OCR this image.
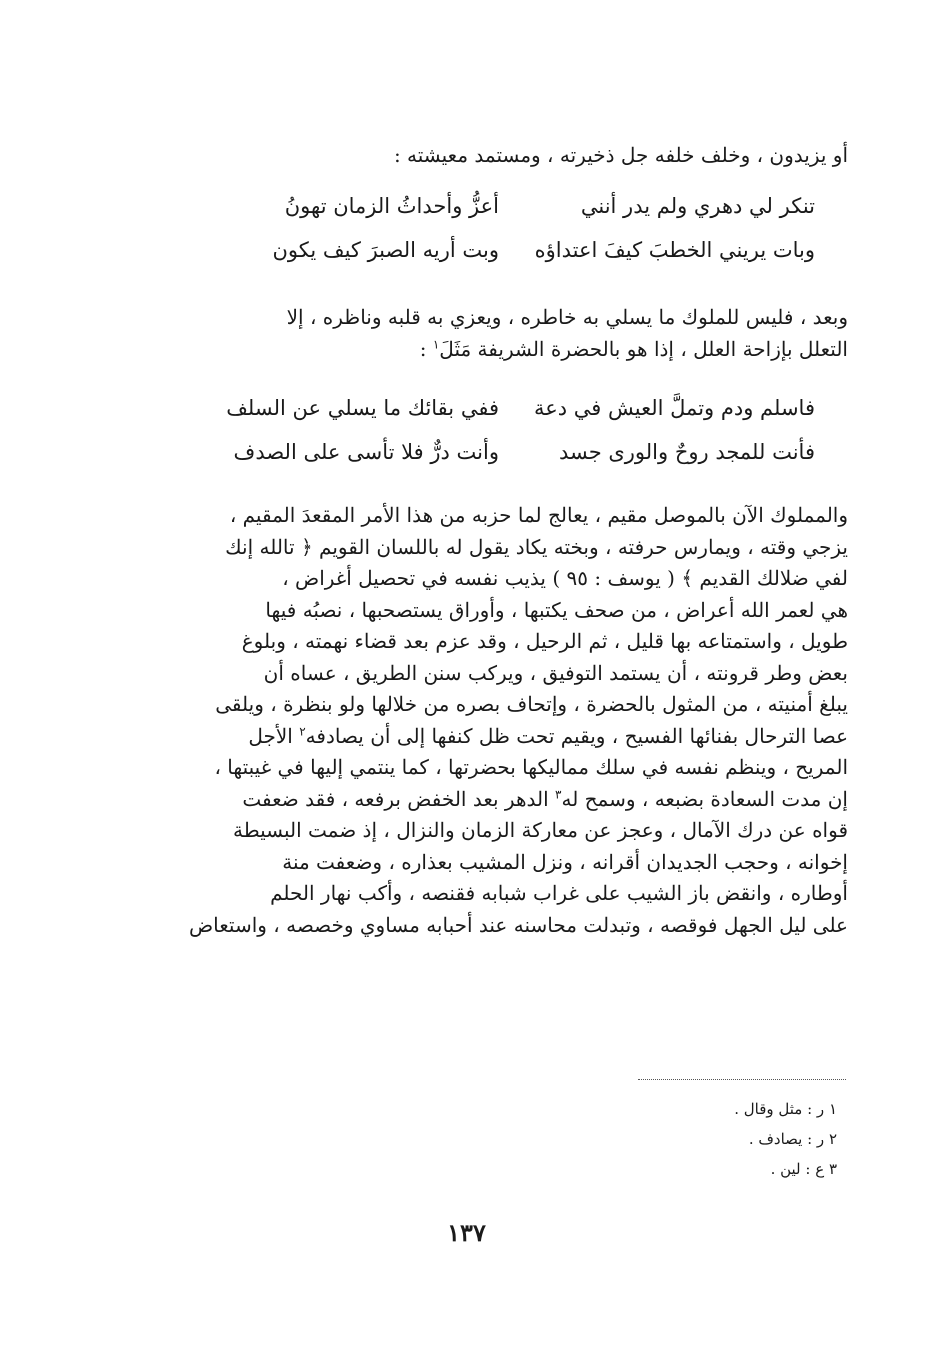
أو يزيدون ، وخلف خلفه جل ذخيرته ، ومستمد معيشته :
تنكر لي دهري ولم يدر أنني
أعزُّ وأحداثُ الزمان تهونُ
وبات يريني الخطبَ كيفَ اعتداؤه
وبت أريه الصبرَ كيف يكون
وبعد ، فليس للملوك ما يسلي به خاطره ، ويعزي به قلبه وناظره ، إلا
التعلل بإزاحة العلل ، إذا هو بالحضرة الشريفة مَثَلَ$^١$ :
فاسلم ودم وتملَّ العيش في دعة
ففي بقائك ما يسلي عن السلف
فأنت للمجد روحٌ والورى جسد
وأنت درٌّ فلا تأسى على الصدف
والمملوك الآن بالموصل مقيم ، يعالج لما حزبه من هذا الأمر المقعدَ المقيم ،
يزجي وقته ، ويمارس حرفته ، وبخته يكاد يقول له باللسان القويم ﴿ تالله إنك
لفي ضلالك القديم ﴾ ( يوسف : ٩٥ ) يذيب نفسه في تحصيل أغراض ،
هي لعمر الله أعراض ، من صحف يكتبها ، وأوراق يستصحبها ، نصبُه فيها
طويل ، واستمتاعه بها قليل ، ثم الرحيل ، وقد عزم بعد قضاء نهمته ، وبلوغ
بعض وطر قرونته ، أن يستمد التوفيق ، ويركب سنن الطريق ، عساه أن
يبلغ أمنيته ، من المثول بالحضرة ، وإتحاف بصره من خلالها ولو بنظرة ، ويلقى
عصا الترحال بفنائها الفسيح ، ويقيم تحت ظل كنفها إلى أن يصادفه$^٢$ الأجل
المريح ، وينظم نفسه في سلك مماليكها بحضرتها ، كما ينتمي إليها في غيبتها ،
إن مدت السعادة بضبعه ، وسمح له$^٣$ الدهر بعد الخفض برفعه ، فقد ضعفت
قواه عن درك الآمال ، وعجز عن معاركة الزمان والنزال ، إذ ضمت البسيطة
إخوانه ، وحجب الجديدان أقرانه ، ونزل المشيب بعذاره ، وضعفت منة
أوطاره ، وانقض باز الشيب على غراب شبابه فقنصه ، وأكب نهار الحلم
على ليل الجهل فوقصه ، وتبدلت محاسنه عند أحبابه مساوي وخصصه ، واستعاض
١ ر : مثل وقال .
٢ ر : يصادف .
٣ ع : لين .
١٣٧
